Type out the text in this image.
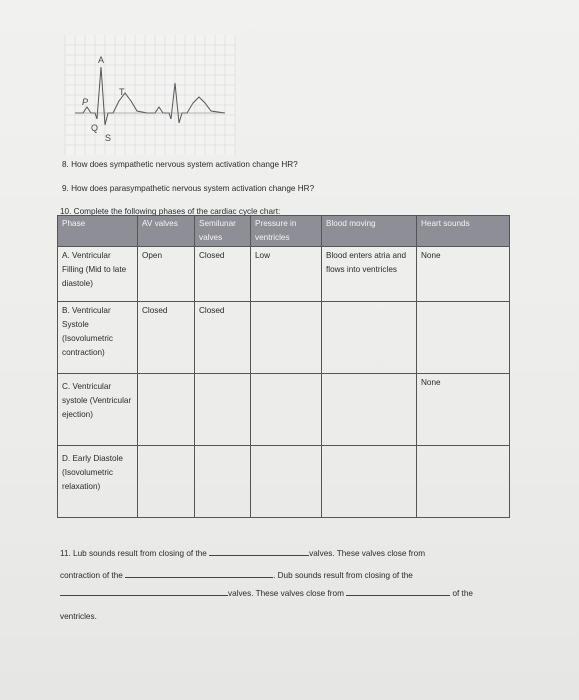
A
T
P
Q
S
8. How does sympathetic nervous system activation change HR?
9. How does parasympathetic nervous system activation change HR?
10. Complete the following phases of the cardiac cycle chart:
Phase	AV valves	Semilunar valves	Pressure in ventricles	Blood moving	Heart sounds
A. Ventricular Filling (Mid to late diastole)	Open	Closed	Low	Blood enters atria and flows into ventricles	None
B. Ventricular Systole (Isovolumetric contraction)	Closed	Closed			
C. Ventricular systole (Ventricular ejection)					None
D. Early Diastole (Isovolumetric relaxation)					
11. Lub sounds result from closing of the	valves. These valves close from
contraction of the	. Dub sounds result from closing of the
valves. These valves close from	of the
ventricles.
